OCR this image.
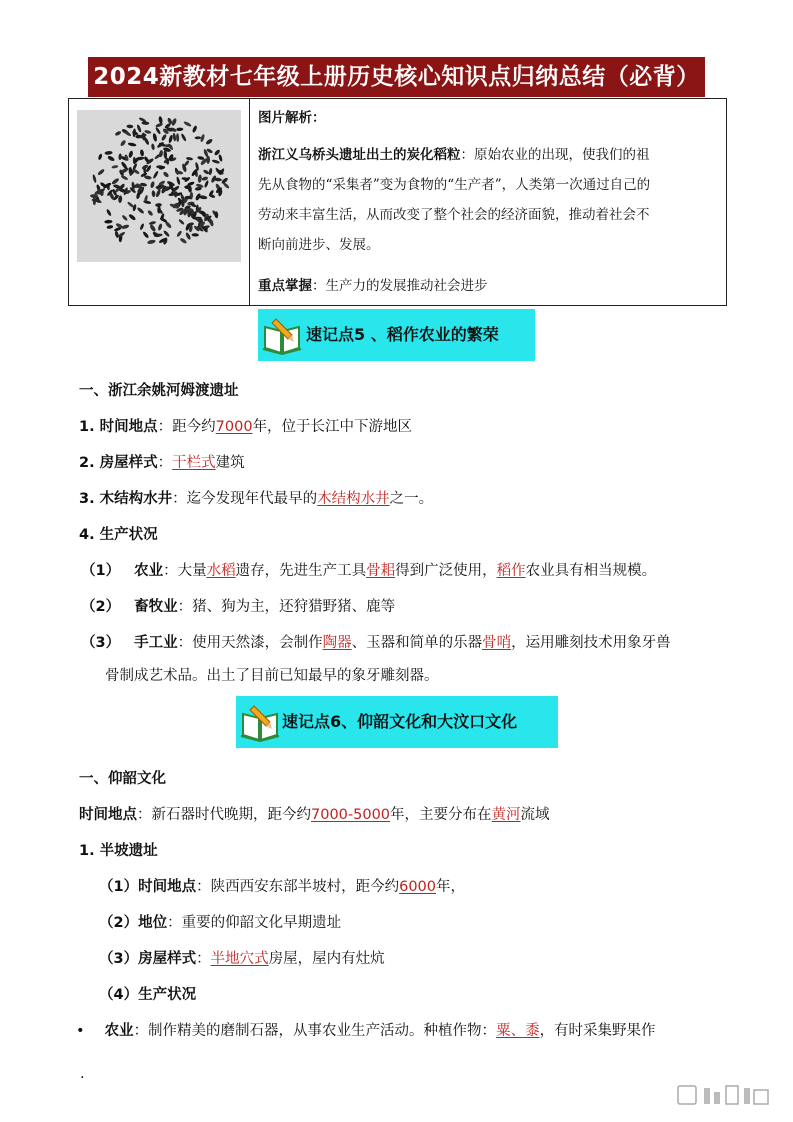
2024新教材七年级上册历史核心知识点归纳总结（必背）
图片解析：
浙江义乌桥头遗址出土的炭化稻粒：原始农业的出现，使我们的祖
先从食物的“采集者”变为食物的“生产者”，人类第一次通过自己的
劳动来丰富生活，从而改变了整个社会的经济面貌，推动着社会不
断向前进步、发展。
重点掌握：生产力的发展推动社会进步
速记点5 、稻作农业的繁荣
一、浙江余姚河姆渡遗址
1. 时间地点：距今约7000年，位于长江中下游地区
2. 房屋样式：干栏式建筑
3. 木结构水井：迄今发现年代最早的木结构水井之一。
4. 生产状况
（1） 农业：大量水稻遗存，先进生产工具骨耜得到广泛使用，稻作农业具有相当规模。
（2） 畜牧业：猪、狗为主，还狩猎野猪、鹿等
（3） 手工业：使用天然漆，会制作陶器、玉器和简单的乐器骨哨，运用雕刻技术用象牙兽
骨制成艺术品。出土了目前已知最早的象牙雕刻器。
速记点6、仰韶文化和大汶口文化
一、仰韶文化
时间地点：新石器时代晚期，距今约7000-5000年，主要分布在黄河流域
1. 半坡遗址
（1）时间地点：陕西西安东部半坡村，距今约6000年，
（2）地位：重要的仰韶文化早期遗址
（3）房屋样式：半地穴式房屋，屋内有灶炕
（4）生产状况
• 农业：制作精美的磨制石器，从事农业生产活动。种植作物：粟、黍，有时采集野果作
.
